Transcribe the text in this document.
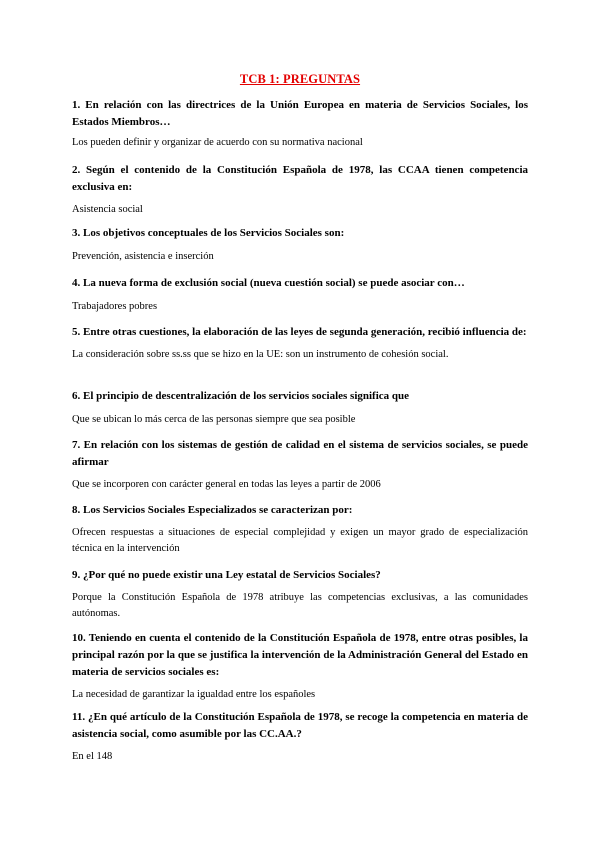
TCB 1: PREGUNTAS

1. En relación con las directrices de la Unión Europea en materia de Servicios Sociales, los Estados Miembros…

Los pueden definir y organizar de acuerdo con su normativa nacional

2. Según el contenido de la Constitución Española de 1978, las CCAA tienen competencia exclusiva en:

Asistencia social

3. Los objetivos conceptuales de los Servicios Sociales son:

Prevención, asistencia e inserción

4. La nueva forma de exclusión social (nueva cuestión social) se puede asociar con…

Trabajadores pobres

5. Entre otras cuestiones, la elaboración de las leyes de segunda generación, recibió influencia de:

La consideración sobre ss.ss que se hizo en la UE: son un instrumento de cohesión social.

6. El principio de descentralización de los servicios sociales significa que

Que se ubican lo más cerca de las personas siempre que sea posible

7. En relación con los sistemas de gestión de calidad en el sistema de servicios sociales, se puede afirmar

Que se incorporen con carácter general en todas las leyes a partir de 2006

8. Los Servicios Sociales Especializados se caracterizan por:

Ofrecen respuestas a situaciones de especial complejidad y exigen un mayor grado de especialización técnica en la intervención

9. ¿Por qué no puede existir una Ley estatal de Servicios Sociales?

Porque la Constitución Española de 1978 atribuye las competencias exclusivas, a las comunidades autónomas.

10. Teniendo en cuenta el contenido de la Constitución Española de 1978, entre otras posibles, la principal razón por la que se justifica la intervención de la Administración General del Estado en materia de servicios sociales es:

La necesidad de garantizar la igualdad entre los españoles

11. ¿En qué artículo de la Constitución Española de 1978, se recoge la competencia en materia de asistencia social, como asumible por las CC.AA.?

En el 148
